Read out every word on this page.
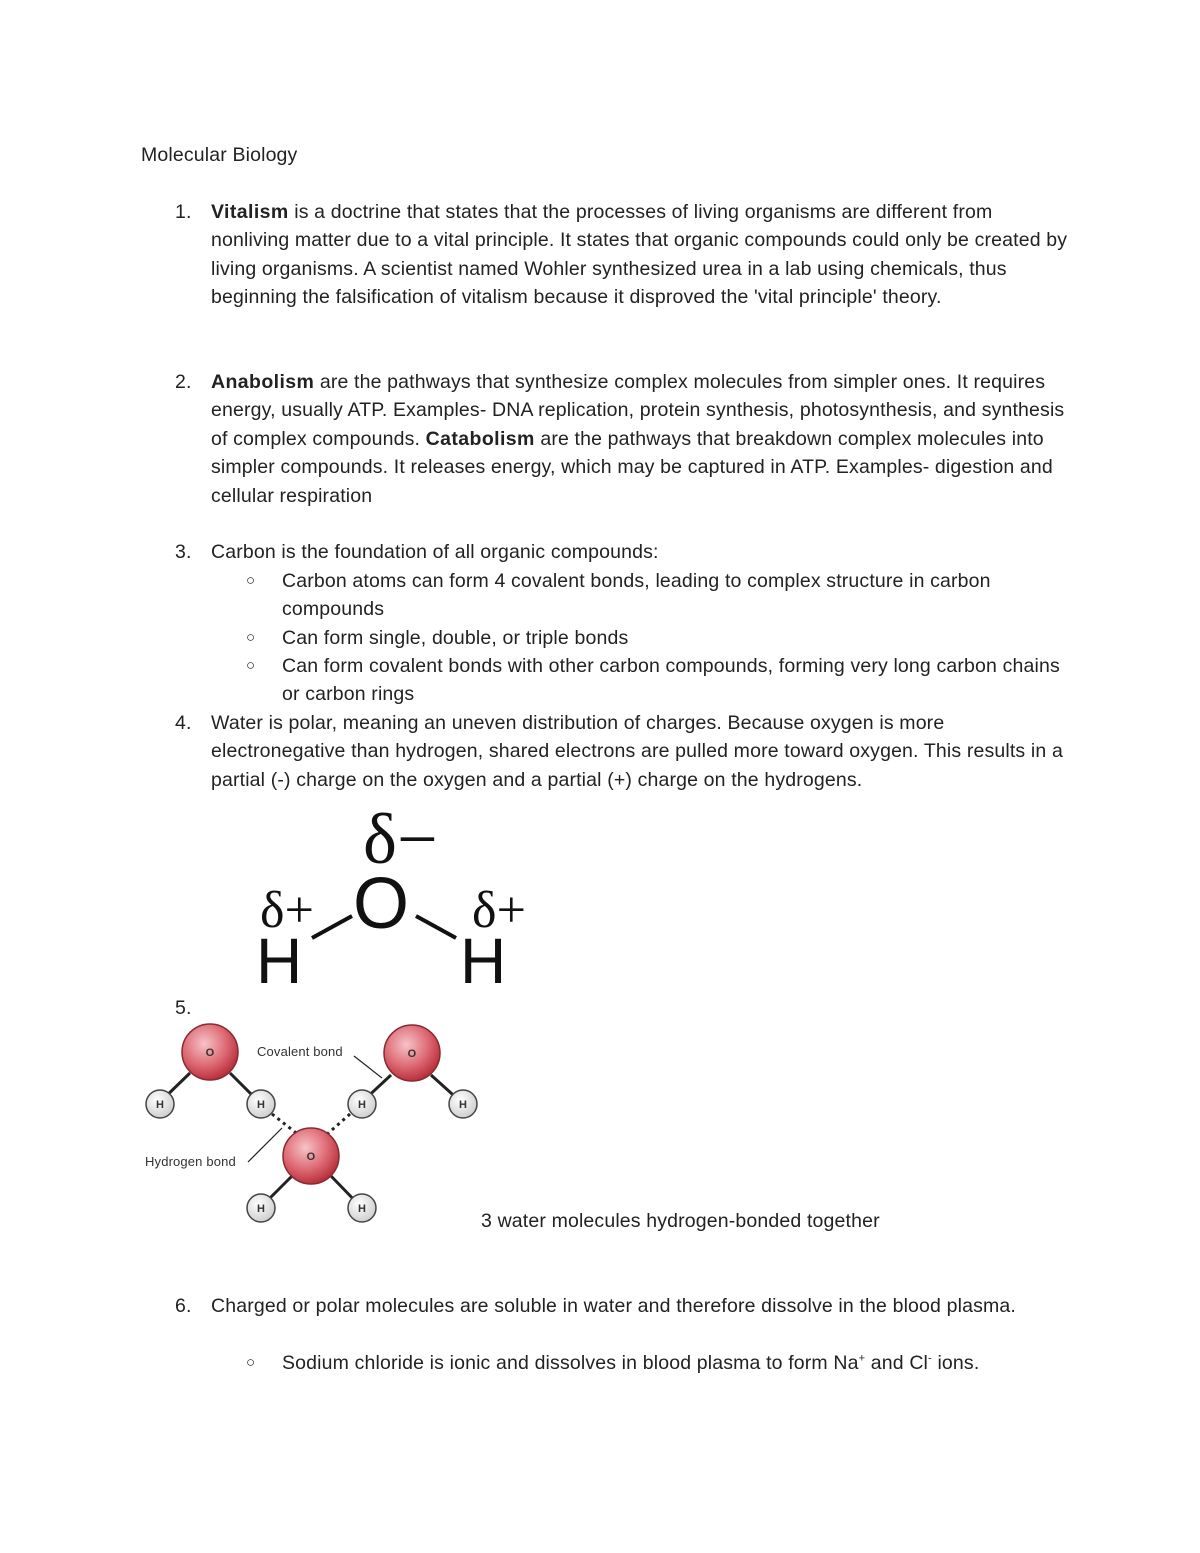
Molecular Biology
1. Vitalism is a doctrine that states that the processes of living organisms are different from nonliving matter due to a vital principle. It states that organic compounds could only be created by living organisms. A scientist named Wohler synthesized urea in a lab using chemicals, thus beginning the falsification of vitalism because it disproved the 'vital principle' theory.
2. Anabolism are the pathways that synthesize complex molecules from simpler ones. It requires energy, usually ATP. Examples- DNA replication, protein synthesis, photosynthesis, and synthesis of complex compounds. Catabolism are the pathways that breakdown complex molecules into simpler compounds. It releases energy, which may be captured in ATP. Examples- digestion and cellular respiration
3. Carbon is the foundation of all organic compounds:
○ Carbon atoms can form 4 covalent bonds, leading to complex structure in carbon compounds
○ Can form single, double, or triple bonds
○ Can form covalent bonds with other carbon compounds, forming very long carbon chains or carbon rings
4. Water is polar, meaning an uneven distribution of charges. Because oxygen is more electronegative than hydrogen, shared electrons are pulled more toward oxygen. This results in a partial (-) charge on the oxygen and a partial (+) charge on the hydrogens.
δ−
δ+	δ+
O
H H
5.
Covalent bond
Hydrogen bond
O
H	H
O
H	H
O
H	H
3 water molecules hydrogen-bonded together
6. Charged or polar molecules are soluble in water and therefore dissolve in the blood plasma.
○ Sodium chloride is ionic and dissolves in blood plasma to form Na+ and Cl- ions.
